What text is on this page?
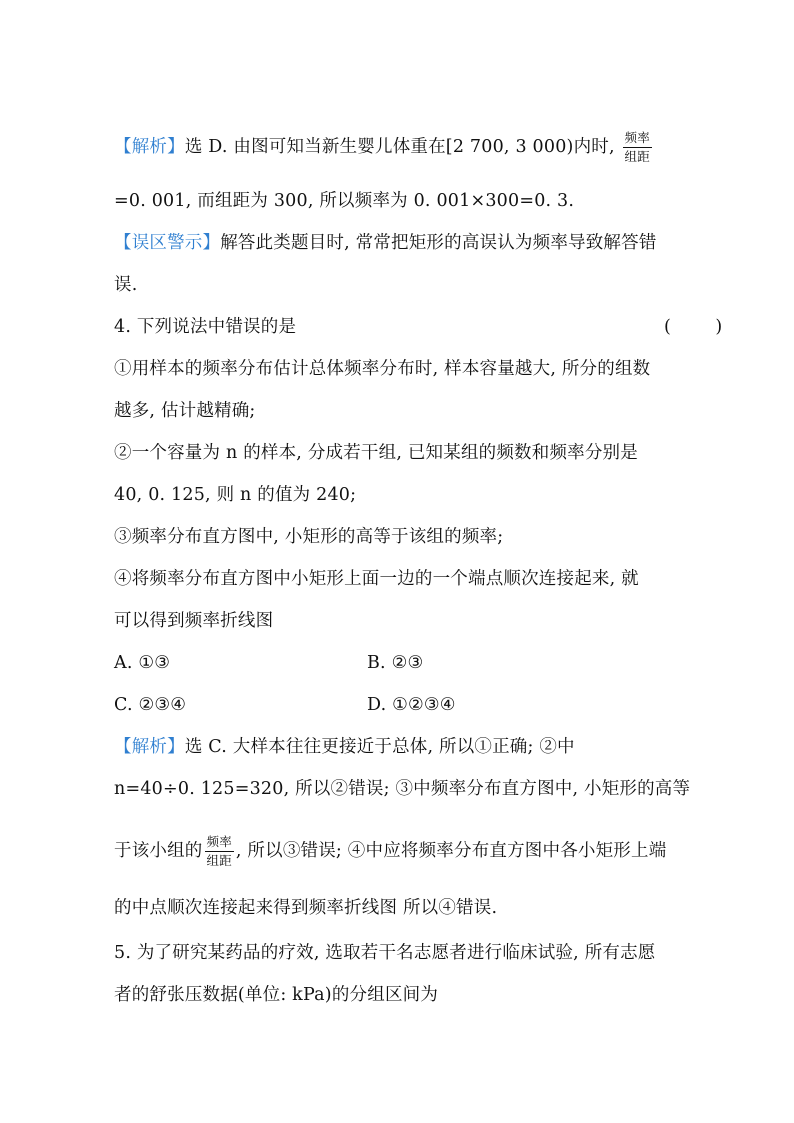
【解析】选 D. 由图可知当新生婴儿体重在[2 700, 3 000)内时, $\frac{\text{频率}}{\text{组距}}$
=0. 001, 而组距为 300, 所以频率为 0. 001×300=0. 3.
【误区警示】解答此类题目时, 常常把矩形的高误认为频率导致解答错
误.
4. 下列说法中错误的是	(        )
①用样本的频率分布估计总体频率分布时, 样本容量越大, 所分的组数
越多, 估计越精确;
②一个容量为 n 的样本, 分成若干组, 已知某组的频数和频率分别是
40, 0. 125, 则 n 的值为 240;
③频率分布直方图中, 小矩形的高等于该组的频率;
④将频率分布直方图中小矩形上面一边的一个端点顺次连接起来, 就
可以得到频率折线图
A. ①③	B. ②③
C. ②③④	D. ①②③④
【解析】选 C. 大样本往往更接近于总体, 所以①正确; ②中
n=40÷0. 125=320, 所以②错误; ③中频率分布直方图中, 小矩形的高等
于该小组的 $\frac{\text{频率}}{\text{组距}}$ , 所以③错误; ④中应将频率分布直方图中各小矩形上端
的中点顺次连接起来得到频率折线图 所以④错误.
5. 为了研究某药品的疗效, 选取若干名志愿者进行临床试验, 所有志愿
者的舒张压数据(单位: kPa)的分组区间为
